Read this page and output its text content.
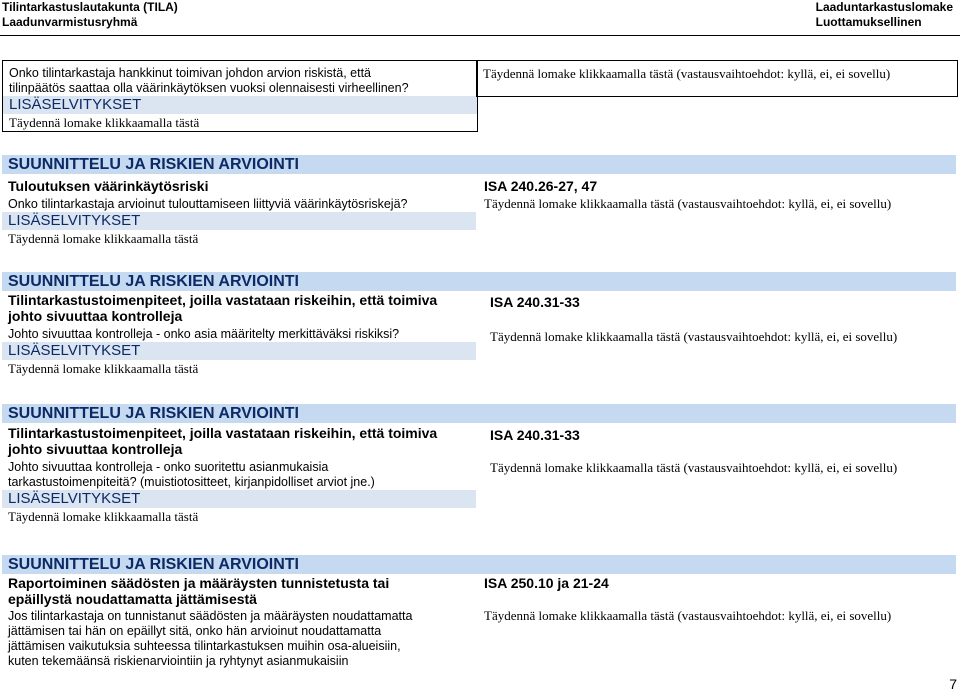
Tilintarkastuslautakunta (TILA)
Laadunvarmistusryhmä
Laaduntarkastuslomake
Luottamuksellinen
Onko tilintarkastaja hankkinut toimivan johdon arvion riskistä, että
tilinpäätös saattaa olla väärinkäytöksen vuoksi olennaisesti virheellinen?
LISÄSELVITYKSET
Täydennä lomake klikkaamalla tästä
Täydennä lomake klikkaamalla tästä (vastausvaihtoehdot: kyllä, ei, ei sovellu)
SUUNNITTELU JA RISKIEN ARVIOINTI
Tuloutuksen väärinkäytösriski
Onko tilintarkastaja arvioinut tulouttamiseen liittyviä väärinkäytösriskejä?
ISA 240.26-27, 47
Täydennä lomake klikkaamalla tästä (vastausvaihtoehdot: kyllä, ei, ei sovellu)
LISÄSELVITYKSET
Täydennä lomake klikkaamalla tästä
SUUNNITTELU JA RISKIEN ARVIOINTI
Tilintarkastustoimenpiteet, joilla vastataan riskeihin, että toimiva
johto sivuuttaa kontrolleja
Johto sivuuttaa kontrolleja - onko asia määritelty merkittäväksi riskiksi?
LISÄSELVITYKSET
Täydennä lomake klikkaamalla tästä
ISA 240.31-33
Täydennä lomake klikkaamalla tästä (vastausvaihtoehdot: kyllä, ei, ei sovellu)
SUUNNITTELU JA RISKIEN ARVIOINTI
Tilintarkastustoimenpiteet, joilla vastataan riskeihin, että toimiva
johto sivuuttaa kontrolleja
Johto sivuuttaa kontrolleja - onko suoritettu asianmukaisia
tarkastustoimenpiteitä? (muistiotositteet, kirjanpidolliset arviot jne.)
LISÄSELVITYKSET
Täydennä lomake klikkaamalla tästä
ISA 240.31-33
Täydennä lomake klikkaamalla tästä (vastausvaihtoehdot: kyllä, ei, ei sovellu)
SUUNNITTELU JA RISKIEN ARVIOINTI
Raportoiminen säädösten ja määräysten tunnistetusta tai
epäillystä noudattamatta jättämisestä
Jos tilintarkastaja on tunnistanut säädösten ja määräysten noudattamatta
jättämisen tai hän on epäillyt sitä, onko hän arvioinut noudattamatta
jättämisen vaikutuksia suhteessa tilintarkastuksen muihin osa-alueisiin,
kuten tekemäänsä riskienarviointiin ja ryhtynyt asianmukaisiin
ISA 250.10 ja 21-24
Täydennä lomake klikkaamalla tästä (vastausvaihtoehdot: kyllä, ei, ei sovellu)
7
